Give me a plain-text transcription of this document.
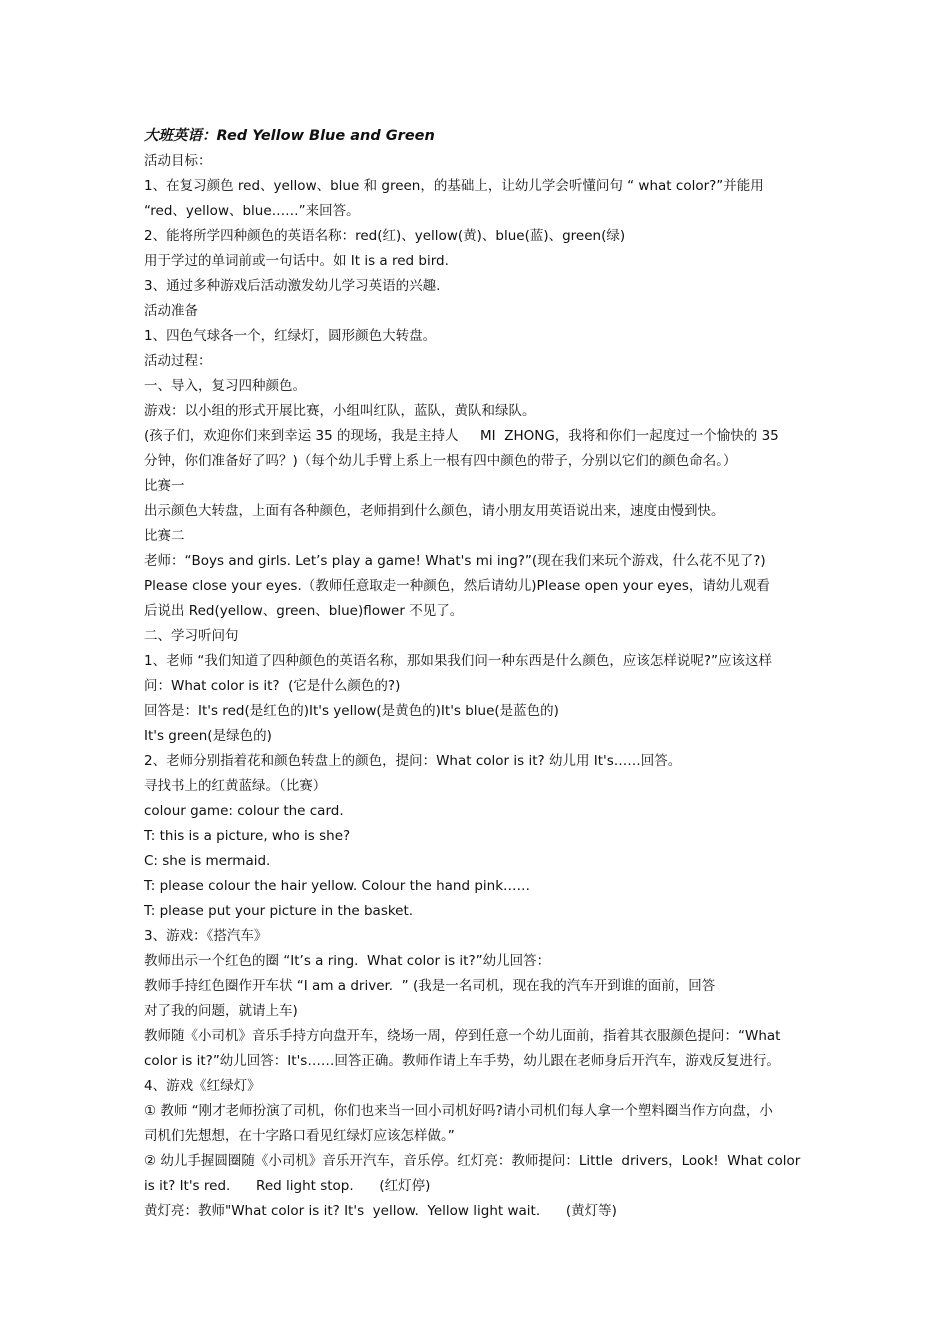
大班英语：Red Yellow Blue and Green
活动目标：
1、在复习颜色 red、yellow、blue 和 green，的基础上，让幼儿学会听懂问句 “ what color?”并能用
“red、yellow、blue……”来回答。
2、能将所学四种颜色的英语名称：red(红)、yellow(黄)、blue(蓝)、green(绿)
用于学过的单词前或一句话中。如 It is a red bird.
3、通过多种游戏后活动激发幼儿学习英语的兴趣.
活动准备
1、四色气球各一个，红绿灯，圆形颜色大转盘。
活动过程：
一、导入，复习四种颜色。
游戏：以小组的形式开展比赛，小组叫红队，蓝队，黄队和绿队。
(孩子们，欢迎你们来到幸运 35 的现场，我是主持人     MI  ZHONG，我将和你们一起度过一个愉快的 35
分钟，你们准备好了吗？)（每个幼儿手臂上系上一根有四中颜色的带子，分别以它们的颜色命名。）
比赛一
出示颜色大转盘，上面有各种颜色，老师捐到什么颜色，请小朋友用英语说出来，速度由慢到快。
比赛二
老师：“Boys and girls. Let’s play a game! What's mi ing?”(现在我们来玩个游戏，什么花不见了?)
Please close your eyes.（教师任意取走一种颜色，然后请幼儿)Please open your eyes，请幼儿观看
后说出 Red(yellow、green、blue)flower 不见了。
二、学习听问句
1、老师 “我们知道了四种颜色的英语名称，那如果我们问一种东西是什么颜色，应该怎样说呢?”应该这样
问：What color is it?  (它是什么颜色的?)
回答是：It's red(是红色的)It's yellow(是黄色的)It's blue(是蓝色的)
It's green(是绿色的)
2、老师分别指着花和颜色转盘上的颜色，提问：What color is it? 幼儿用 It's……回答。
寻找书上的红黄蓝绿。（比赛）
colour game: colour the card.
T: this is a picture, who is she?
C: she is mermaid.
T: please colour the hair yellow. Colour the hand pink……
T: please put your picture in the basket.
3、游戏：《搭汽车》
教师出示一个红色的圈 “It’s a ring.  What color is it?”幼儿回答：
教师手持红色圈作开车状 “I am a driver.  ” (我是一名司机，现在我的汽车开到谁的面前，回答
对了我的问题，就请上车)
教师随《小司机》音乐手持方向盘开车，绕场一周，停到任意一个幼儿面前，指着其衣服颜色提问：“What
color is it?”幼儿回答：It's……回答正确。教师作请上车手势，幼儿跟在老师身后开汽车，游戏反复进行。
4、游戏《红绿灯》
① 教师 “刚才老师扮演了司机，你们也来当一回小司机好吗?请小司机们每人拿一个塑料圈当作方向盘，小
司机们先想想，在十字路口看见红绿灯应该怎样做。”
② 幼儿手握圆圈随《小司机》音乐开汽车，音乐停。红灯亮：教师提问：Little  drivers，Look!  What color
is it? It's red.      Red light stop.      (红灯停)
黄灯亮：教师"What color is it? It's  yellow.  Yellow light wait.      (黄灯等)
